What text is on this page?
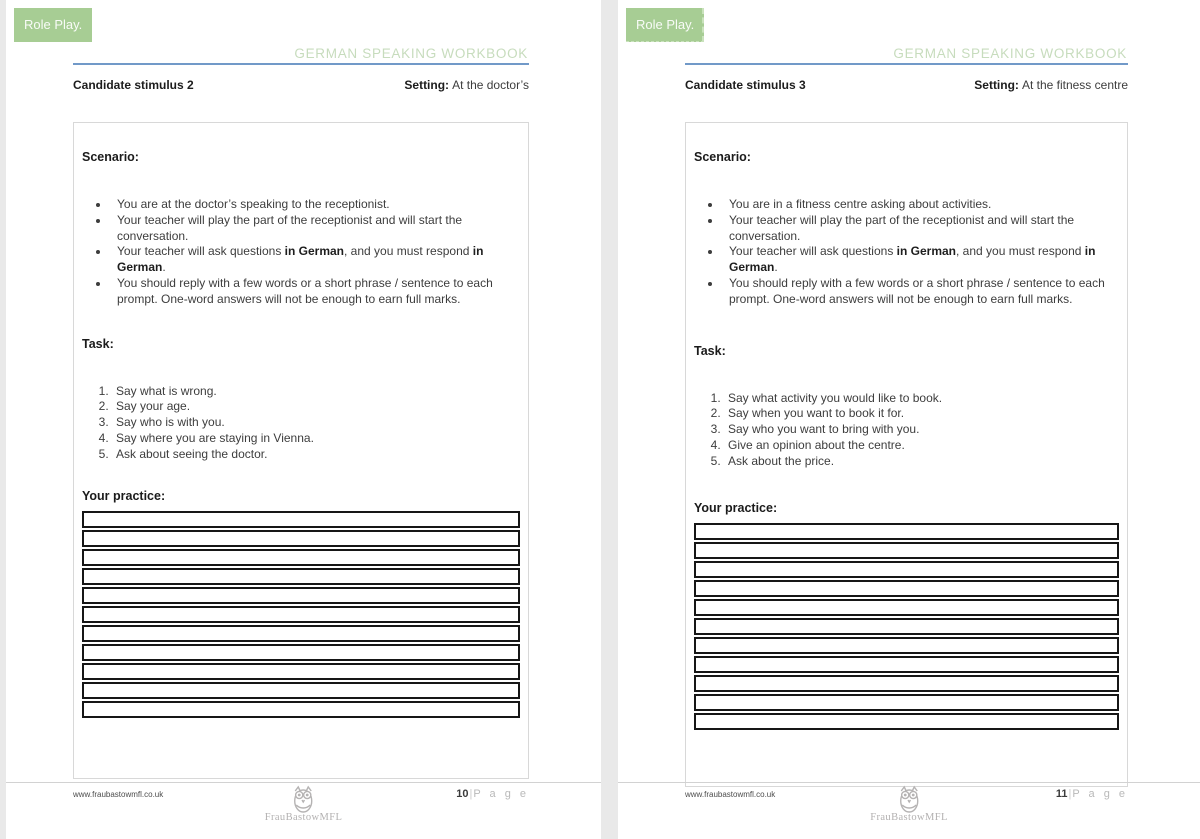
Role Play.
GERMAN SPEAKING WORKBOOK
Candidate stimulus 2	Setting: At the doctor’s
Scenario:
• You are at the doctor’s speaking to the receptionist.
• Your teacher will play the part of the receptionist and will start the conversation.
• Your teacher will ask questions in German, and you must respond in German.
• You should reply with a few words or a short phrase / sentence to each prompt. One-word answers will not be enough to earn full marks.
Task:
1. Say what is wrong.
2. Say your age.
3. Say who is with you.
4. Say where you are staying in Vienna.
5. Ask about seeing the doctor.
Your practice:
www.fraubastowmfl.co.uk
FrauBastowMFL
10|P a g e
Role Play.
GERMAN SPEAKING WORKBOOK
Candidate stimulus 3	Setting: At the fitness centre
Scenario:
• You are in a fitness centre asking about activities.
• Your teacher will play the part of the receptionist and will start the conversation.
• Your teacher will ask questions in German, and you must respond in German.
• You should reply with a few words or a short phrase / sentence to each prompt. One-word answers will not be enough to earn full marks.
Task:
1. Say what activity you would like to book.
2. Say when you want to book it for.
3. Say who you want to bring with you.
4. Give an opinion about the centre.
5. Ask about the price.
Your practice:
www.fraubastowmfl.co.uk
FrauBastowMFL
11|P a g e
